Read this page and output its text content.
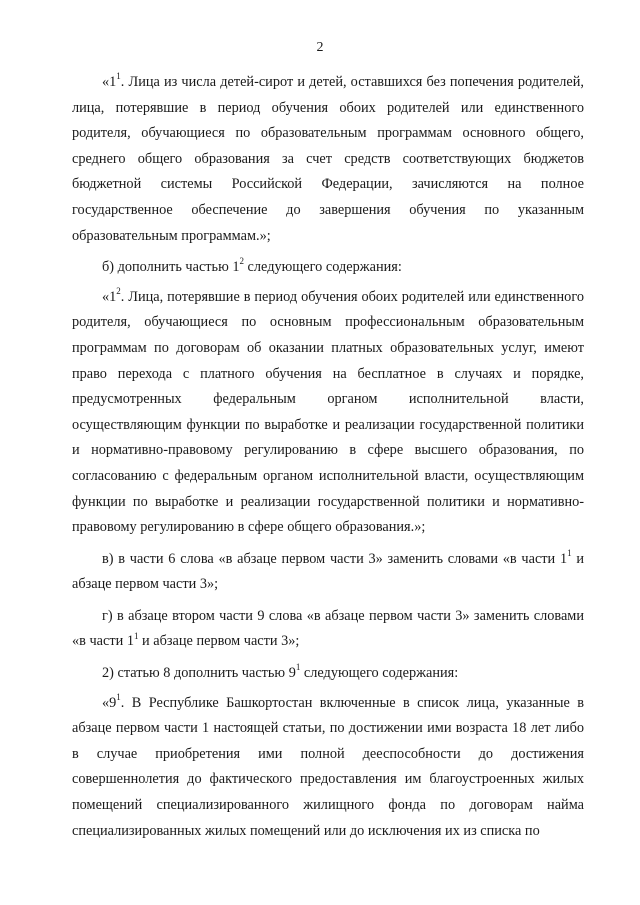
2

«$1^1$. Лица из числа детей-сирот и детей, оставшихся без попечения родителей, лица, потерявшие в период обучения обоих родителей или единственного родителя, обучающиеся по образовательным программам основного общего, среднего общего образования за счет средств соответствующих бюджетов бюджетной системы Российской Федерации, зачисляются на полное государственное обеспечение до завершения обучения по указанным образовательным программам.»;

б) дополнить частью $1^2$ следующего содержания:

«$1^2$. Лица, потерявшие в период обучения обоих родителей или единственного родителя, обучающиеся по основным профессиональным образовательным программам по договорам об оказании платных образовательных услуг, имеют право перехода с платного обучения на бесплатное в случаях и порядке, предусмотренных федеральным органом исполнительной власти, осуществляющим функции по выработке и реализации государственной политики и нормативно-правовому регулированию в сфере высшего образования, по согласованию с федеральным органом исполнительной власти, осуществляющим функции по выработке и реализации государственной политики и нормативно-правовому регулированию в сфере общего образования.»;

в) в части 6 слова «в абзаце первом части 3» заменить словами «в части $1^1$ и абзаце первом части 3»;

г) в абзаце втором части 9 слова «в абзаце первом части 3» заменить словами «в части $1^1$ и абзаце первом части 3»;

2) статью 8 дополнить частью $9^1$ следующего содержания:

«$9^1$. В Республике Башкортостан включенные в список лица, указанные в абзаце первом части 1 настоящей статьи, по достижении ими возраста 18 лет либо в случае приобретения ими полной дееспособности до достижения совершеннолетия до фактического предоставления им благоустроенных жилых помещений специализированного жилищного фонда по договорам найма специализированных жилых помещений или до исключения их из списка по
